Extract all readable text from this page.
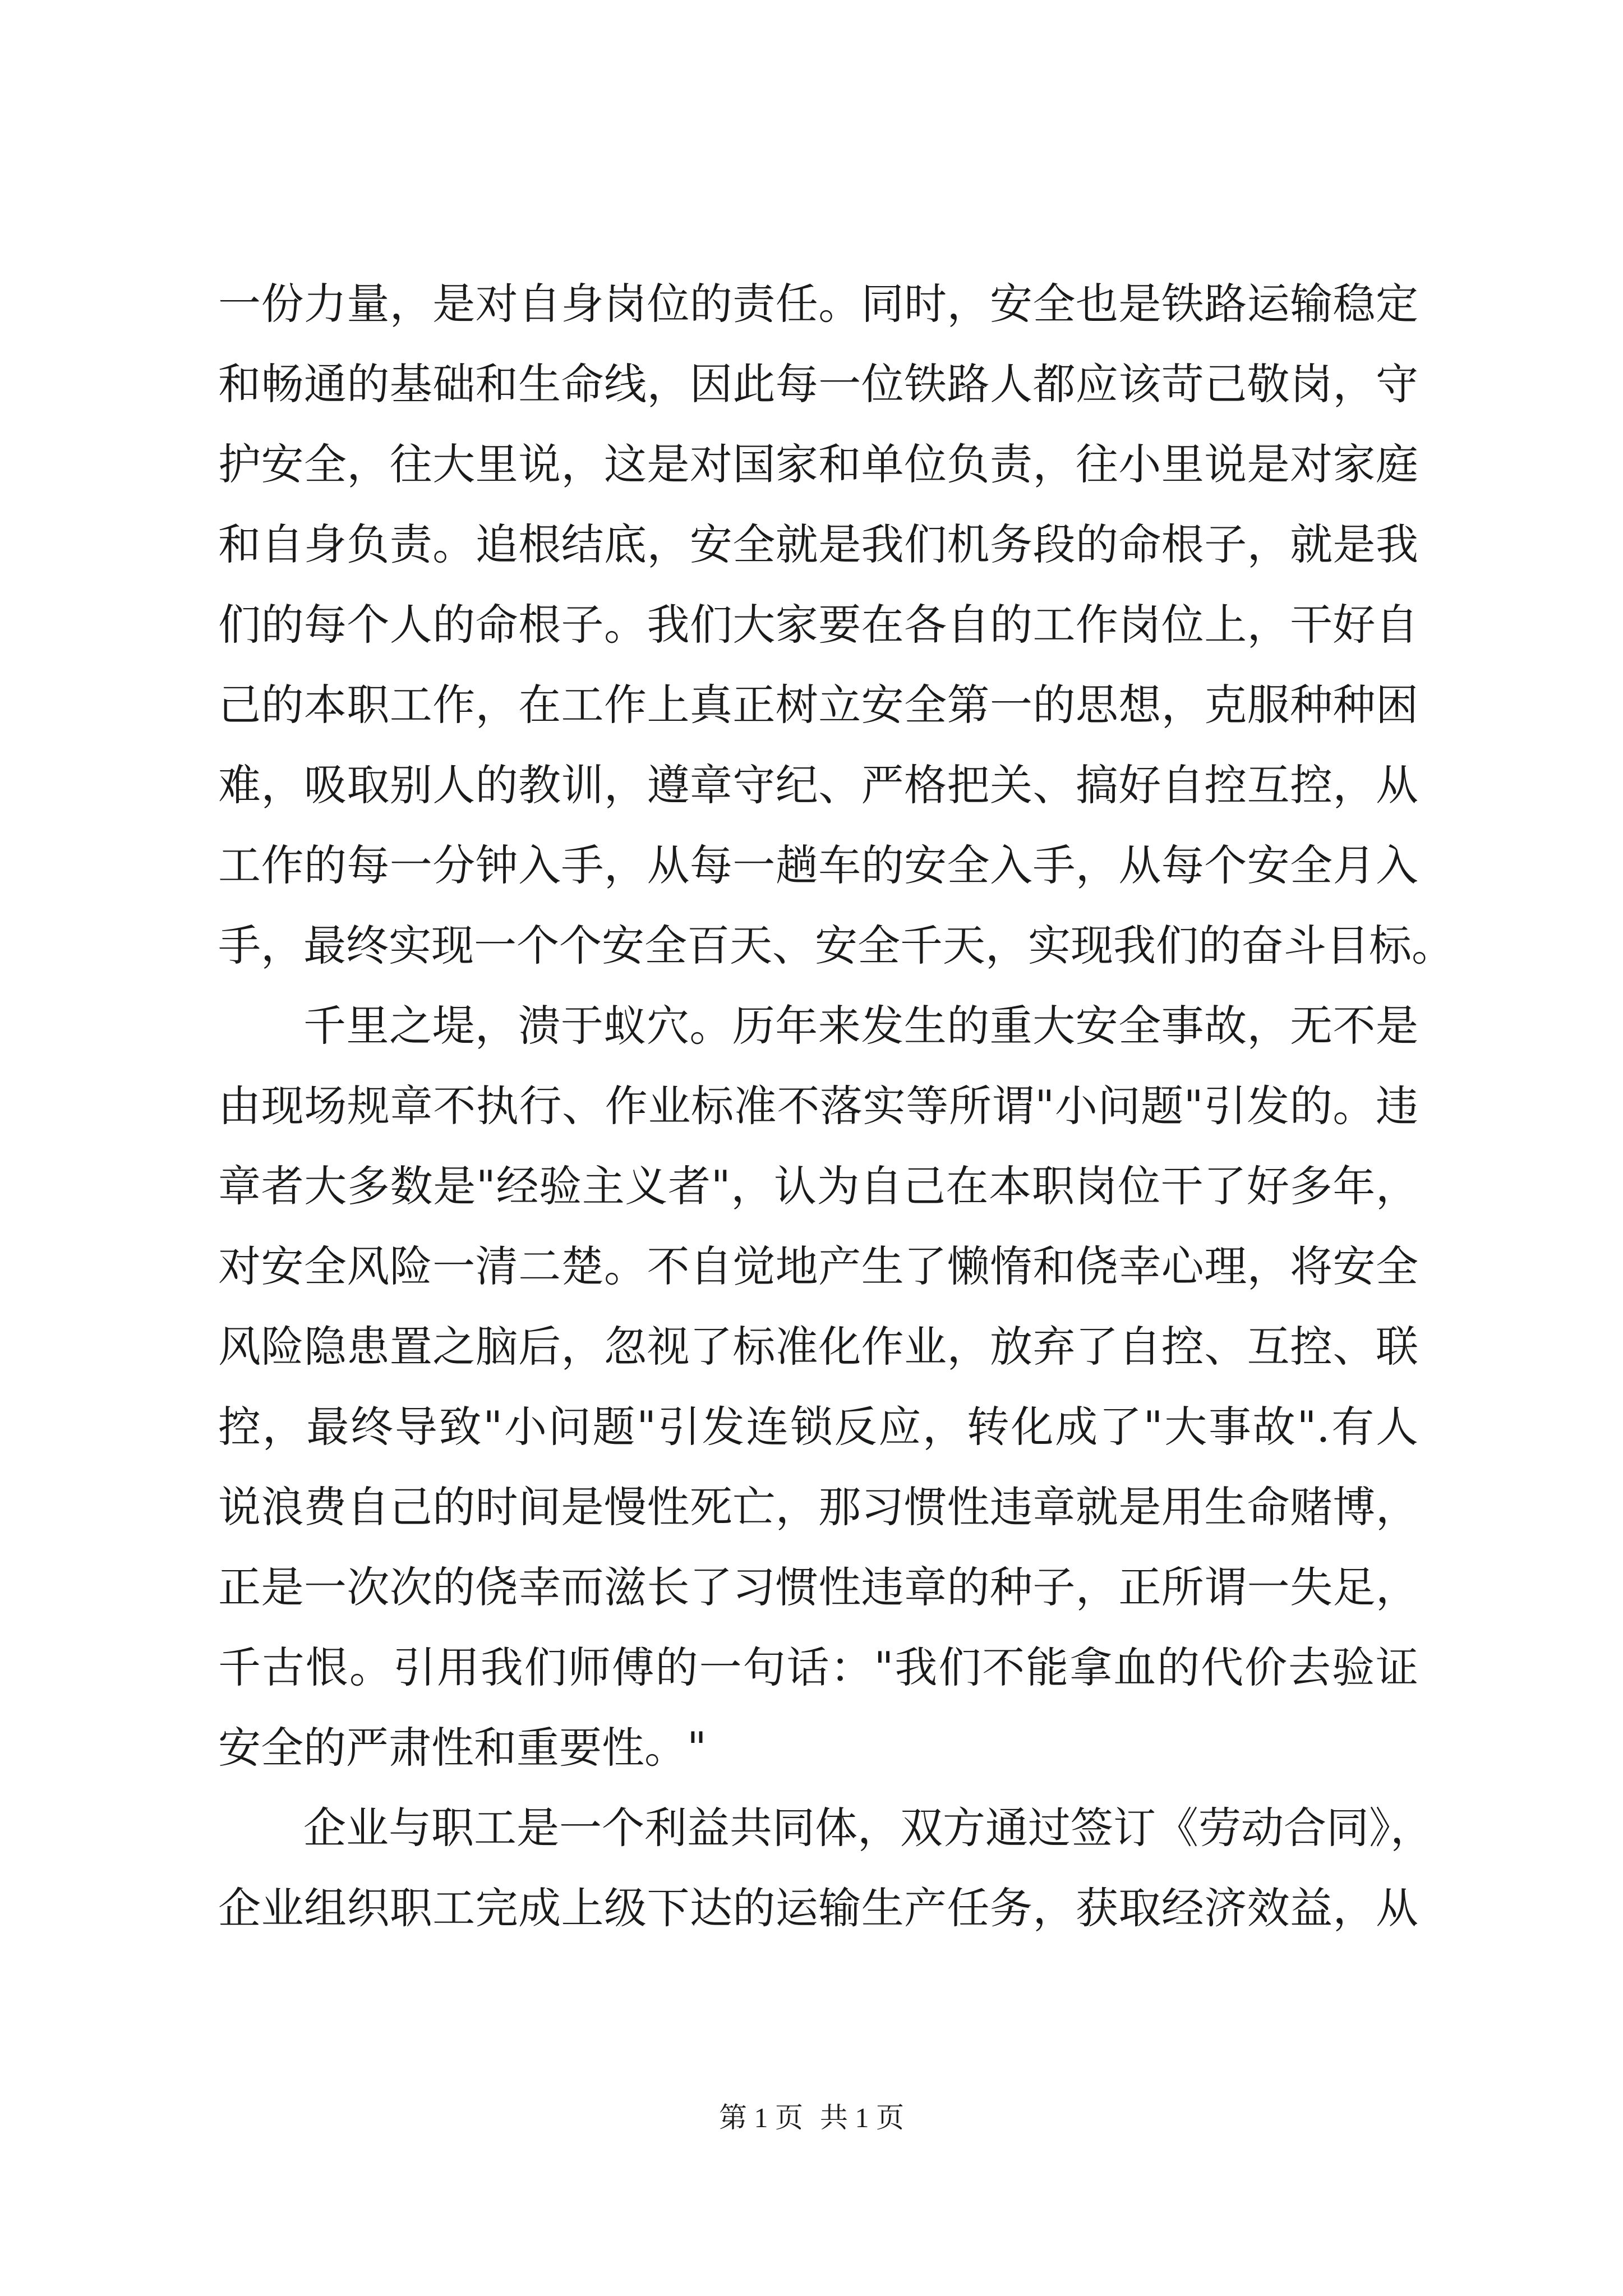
一份力量，是对自身岗位的责任。同时，安全也是铁路运输稳定
和畅通的基础和生命线，因此每一位铁路人都应该苛己敬岗，守
护安全，往大里说，这是对国家和单位负责，往小里说是对家庭
和自身负责。追根结底，安全就是我们机务段的命根子，就是我
们的每个人的命根子。我们大家要在各自的工作岗位上，干好自
己的本职工作，在工作上真正树立安全第一的思想，克服种种困
难，吸取别人的教训，遵章守纪、严格把关、搞好自控互控，从
工作的每一分钟入手，从每一趟车的安全入手，从每个安全月入
手，最终实现一个个安全百天、安全千天，实现我们的奋斗目标。
千里之堤，溃于蚁穴。历年来发生的重大安全事故，无不是
由现场规章不执行、作业标准不落实等所谓"小问题"引发的。违
章者大多数是"经验主义者"，认为自己在本职岗位干了好多年，
对安全风险一清二楚。不自觉地产生了懒惰和侥幸心理，将安全
风险隐患置之脑后，忽视了标准化作业，放弃了自控、互控、联
控，最终导致"小问题"引发连锁反应，转化成了"大事故".有人
说浪费自己的时间是慢性死亡，那习惯性违章就是用生命赌博，
正是一次次的侥幸而滋长了习惯性违章的种子，正所谓一失足，
千古恨。引用我们师傅的一句话："我们不能拿血的代价去验证
安全的严肃性和重要性。"
企业与职工是一个利益共同体，双方通过签订《劳动合同》，
企业组织职工完成上级下达的运输生产任务，获取经济效益，从
第 1 页 共 1 页
